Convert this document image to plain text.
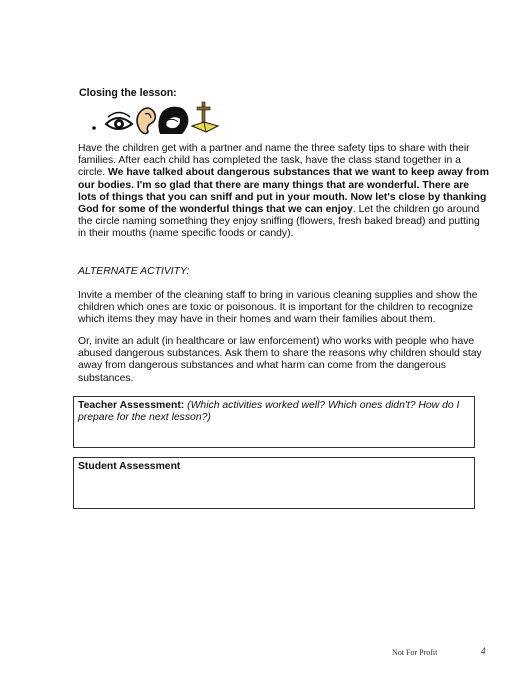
Closing the lesson:
Have the children get with a partner and name the three safety tips to share with their families. After each child has completed the task, have the class stand together in a circle. We have talked about dangerous substances that we want to keep away from our bodies. I'm so glad that there are many things that are wonderful. There are lots of things that you can sniff and put in your mouth. Now let's close by thanking God for some of the wonderful things that we can enjoy. Let the children go around the circle naming something they enjoy sniffing (flowers, fresh baked bread) and putting in their mouths (name specific foods or candy).
ALTERNATE ACTIVITY:
Invite a member of the cleaning staff to bring in various cleaning supplies and show the children which ones are toxic or poisonous. It is important for the children to recognize which items they may have in their homes and warn their families about them.
Or, invite an adult (in healthcare or law enforcement) who works with people who have abused dangerous substances. Ask them to share the reasons why children should stay away from dangerous substances and what harm can come from the dangerous substances.
Teacher Assessment: (Which activities worked well? Which ones didn't? How do I prepare for the next lesson?)
Student Assessment
Not For Profit	4
